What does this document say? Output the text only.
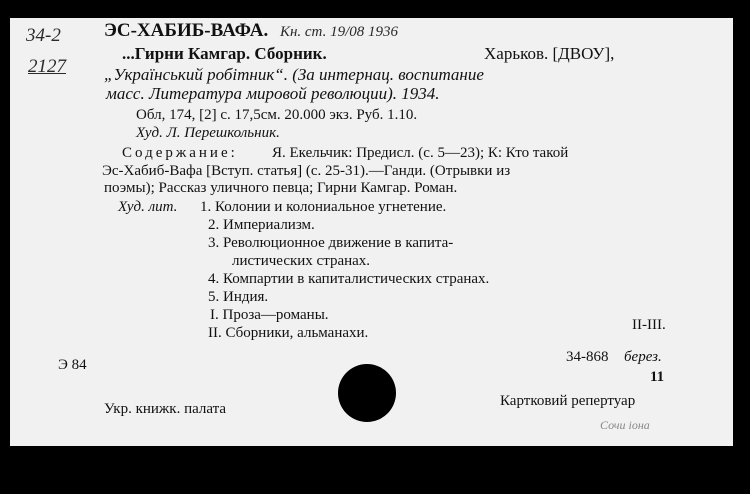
34-2
2127
ЭС-ХАБИБ-ВАФА. Кн. ст. 19/08 1936
...Гирни Камгар. Сборник.	Харьков. [ДВОУ],
„Український робітник“. (За интернац. воспитание
масс. Литература мировой революции). 1934.
Обл, 174, [2] с. 17,5см. 20.000 экз. Руб. 1.10.
Худ. Л. Перешкольник.
Содержание: Я. Екельчик: Предисл. (с. 5—23); К: Кто такой
Эс-Хабиб-Вафа [Вступ. статья] (с. 25-31).—Ганди. (Отрывки из
поэмы); Рассказ уличного певца; Гирни Камгар. Роман.
Худ. лит. 1. Колонии и колониальное угнетение.
2. Империализм.
3. Революционное движение в капита-
листических странах.
4. Компартии в капиталистических странах.
5. Индия.
I. Проза—романы.
II. Сборники, альманахи.	II-III.
Э 84	34-868 берез.
11
Укр. книжк. палата	Картковий репертуар
Сочи іона
